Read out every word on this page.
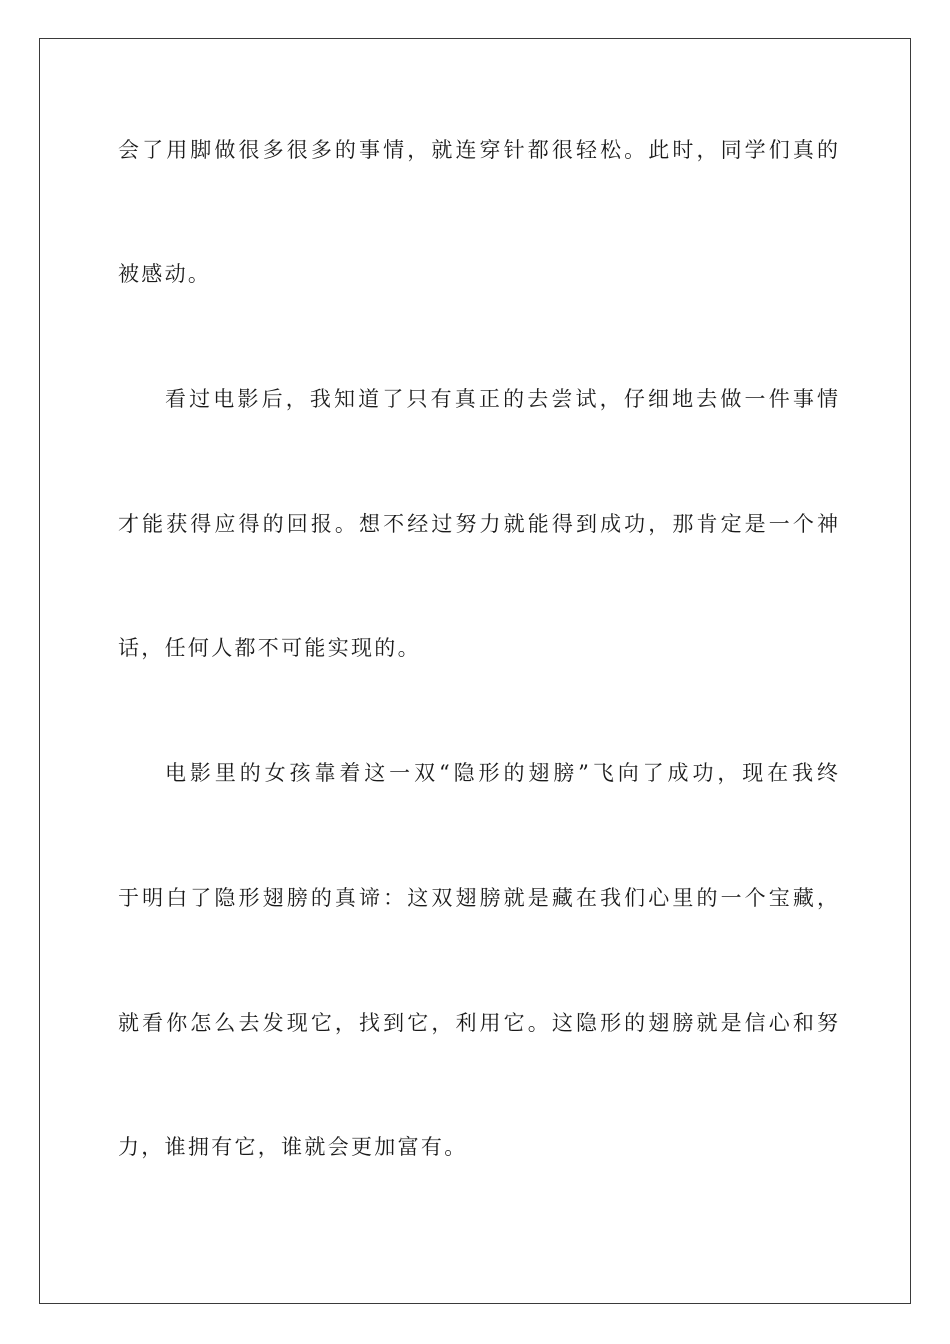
会了用脚做很多很多的事情，就连穿针都很轻松。此时，同学们真的
被感动。
看过电影后，我知道了只有真正的去尝试，仔细地去做一件事情
才能获得应得的回报。想不经过努力就能得到成功，那肯定是一个神
话，任何人都不可能实现的。
电影里的女孩靠着这一双“隐形的翅膀”飞向了成功，现在我终
于明白了隐形翅膀的真谛：这双翅膀就是藏在我们心里的一个宝藏，
就看你怎么去发现它，找到它，利用它。这隐形的翅膀就是信心和努
力，谁拥有它，谁就会更加富有。
